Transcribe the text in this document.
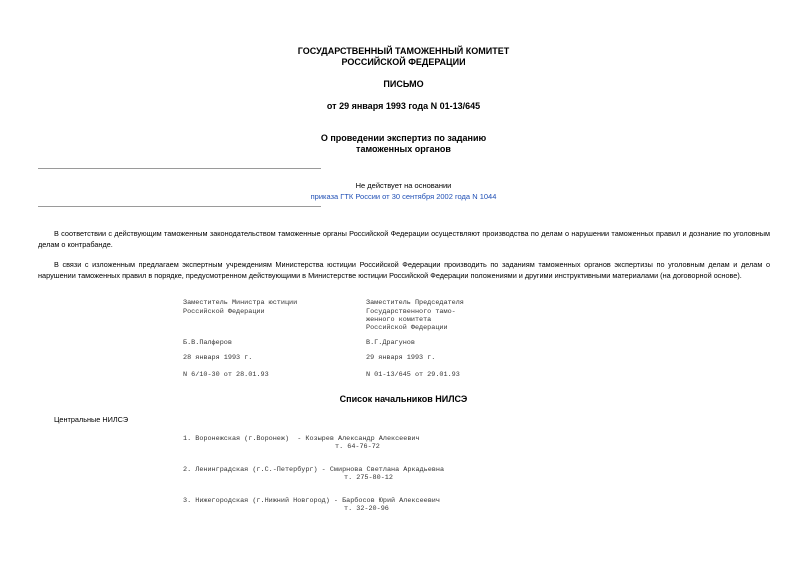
ГОСУДАРСТВЕННЫЙ ТАМОЖЕННЫЙ КОМИТЕТ
РОССИЙСКОЙ ФЕДЕРАЦИИ
ПИСЬМО
от 29 января 1993 года N 01-13/645
О проведении экспертиз по заданию
таможенных органов
Не действует на основании
приказа ГТК России от 30 сентября 2002 года N 1044
В соответствии с действующим таможенным законодательством таможенные органы Российской Федерации осуществляют производства по делам о нарушении таможенных правил и дознание по уголовным делам о контрабанде.
В связи с изложенным предлагаем экспертным учреждениям Министерства юстиции Российской Федерации производить по заданиям таможенных органов экспертизы по уголовным делам и делам о нарушении таможенных правил в порядке, предусмотренном действующими в Министерстве юстиции Российской Федерации положениями и другими инструктивными материалами (на договорной основе).
Заместитель Министра юстиции
Российской Федерации
Б.В.Палферов
28 января 1993 г.
N 6/10-30 от 28.01.93
Заместитель Председателя
Государственного тамо-
женного комитета
Российской Федерации
В.Г.Драгунов
29 января 1993 г.
N 01-13/645 от 29.01.93
Список начальников НИЛСЭ
Центральные НИЛСЭ
1. Воронежская (г.Воронеж)  - Козырев Александр Алексеевич
т. 64-76-72
2. Ленинградская (г.С.-Петербург) - Смирнова Светлана Аркадьевна
т. 275-80-12
3. Нижегородская (г.Нижний Новгород) - Барбосов Юрий Алексеевич
т. 32-20-96
